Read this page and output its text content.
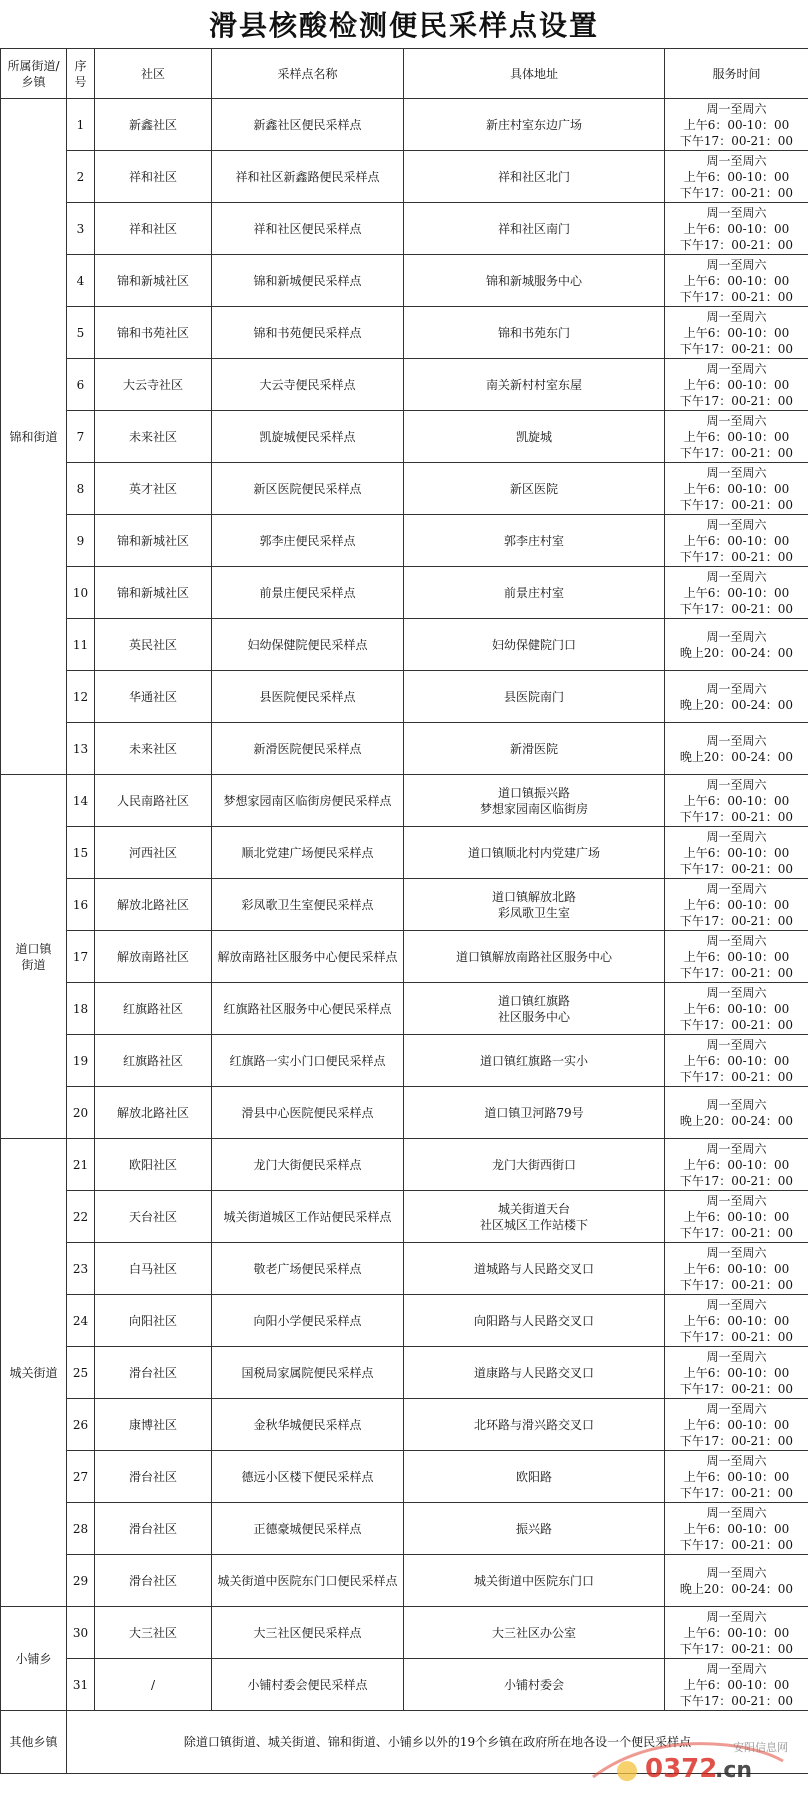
滑县核酸检测便民采样点设置
所属街道/
乡镇	序号	社区	采样点名称	具体地址	服务时间
锦和街道	1	新鑫社区	新鑫社区便民采样点	新庄村室东边广场	周一至周六
上午6：00-10：00
下午17：00-21：00
	2	祥和社区	祥和社区新鑫路便民采样点	祥和社区北门	周一至周六
上午6：00-10：00
下午17：00-21：00
	3	祥和社区	祥和社区便民采样点	祥和社区南门	周一至周六
上午6：00-10：00
下午17：00-21：00
	4	锦和新城社区	锦和新城便民采样点	锦和新城服务中心	周一至周六
上午6：00-10：00
下午17：00-21：00
	5	锦和书苑社区	锦和书苑便民采样点	锦和书苑东门	周一至周六
上午6：00-10：00
下午17：00-21：00
	6	大云寺社区	大云寺便民采样点	南关新村村室东屋	周一至周六
上午6：00-10：00
下午17：00-21：00
	7	未来社区	凯旋城便民采样点	凯旋城	周一至周六
上午6：00-10：00
下午17：00-21：00
	8	英才社区	新区医院便民采样点	新区医院	周一至周六
上午6：00-10：00
下午17：00-21：00
	9	锦和新城社区	郭李庄便民采样点	郭李庄村室	周一至周六
上午6：00-10：00
下午17：00-21：00
	10	锦和新城社区	前景庄便民采样点	前景庄村室	周一至周六
上午6：00-10：00
下午17：00-21：00
	11	英民社区	妇幼保健院便民采样点	妇幼保健院门口	周一至周六
晚上20：00-24：00
	12	华通社区	县医院便民采样点	县医院南门	周一至周六
晚上20：00-24：00
	13	未来社区	新滑医院便民采样点	新滑医院	周一至周六
晚上20：00-24：00
道口镇
街道	14	人民南路社区	梦想家园南区临街房便民采样点	道口镇振兴路
梦想家园南区临街房	周一至周六
上午6：00-10：00
下午17：00-21：00
	15	河西社区	顺北党建广场便民采样点	道口镇顺北村内党建广场	周一至周六
上午6：00-10：00
下午17：00-21：00
	16	解放北路社区	彩凤歌卫生室便民采样点	道口镇解放北路
彩凤歌卫生室	周一至周六
上午6：00-10：00
下午17：00-21：00
	17	解放南路社区	解放南路社区服务中心便民采样点	道口镇解放南路社区服务中心	周一至周六
上午6：00-10：00
下午17：00-21：00
	18	红旗路社区	红旗路社区服务中心便民采样点	道口镇红旗路
社区服务中心	周一至周六
上午6：00-10：00
下午17：00-21：00
	19	红旗路社区	红旗路一实小门口便民采样点	道口镇红旗路一实小	周一至周六
上午6：00-10：00
下午17：00-21：00
	20	解放北路社区	滑县中心医院便民采样点	道口镇卫河路79号	周一至周六
晚上20：00-24：00
城关街道	21	欧阳社区	龙门大街便民采样点	龙门大街西街口	周一至周六
上午6：00-10：00
下午17：00-21：00
	22	天台社区	城关街道城区工作站便民采样点	城关街道天台
社区城区工作站楼下	周一至周六
上午6：00-10：00
下午17：00-21：00
	23	白马社区	敬老广场便民采样点	道城路与人民路交叉口	周一至周六
上午6：00-10：00
下午17：00-21：00
	24	向阳社区	向阳小学便民采样点	向阳路与人民路交叉口	周一至周六
上午6：00-10：00
下午17：00-21：00
	25	滑台社区	国税局家属院便民采样点	道康路与人民路交叉口	周一至周六
上午6：00-10：00
下午17：00-21：00
	26	康博社区	金秋华城便民采样点	北环路与滑兴路交叉口	周一至周六
上午6：00-10：00
下午17：00-21：00
	27	滑台社区	德远小区楼下便民采样点	欧阳路	周一至周六
上午6：00-10：00
下午17：00-21：00
	28	滑台社区	正德豪城便民采样点	振兴路	周一至周六
上午6：00-10：00
下午17：00-21：00
	29	滑台社区	城关街道中医院东门口便民采样点	城关街道中医院东门口	周一至周六
晚上20：00-24：00
小铺乡	30	大三社区	大三社区便民采样点	大三社区办公室	周一至周六
上午6：00-10：00
下午17：00-21：00
	31	/	小铺村委会便民采样点	小铺村委会	周一至周六
上午6：00-10：00
下午17：00-21：00
其他乡镇	除道口镇街道、城关街道、锦和街道、小铺乡以外的19个乡镇在政府所在地各设一个便民采样点				
0372
.cn
安阳信息网
